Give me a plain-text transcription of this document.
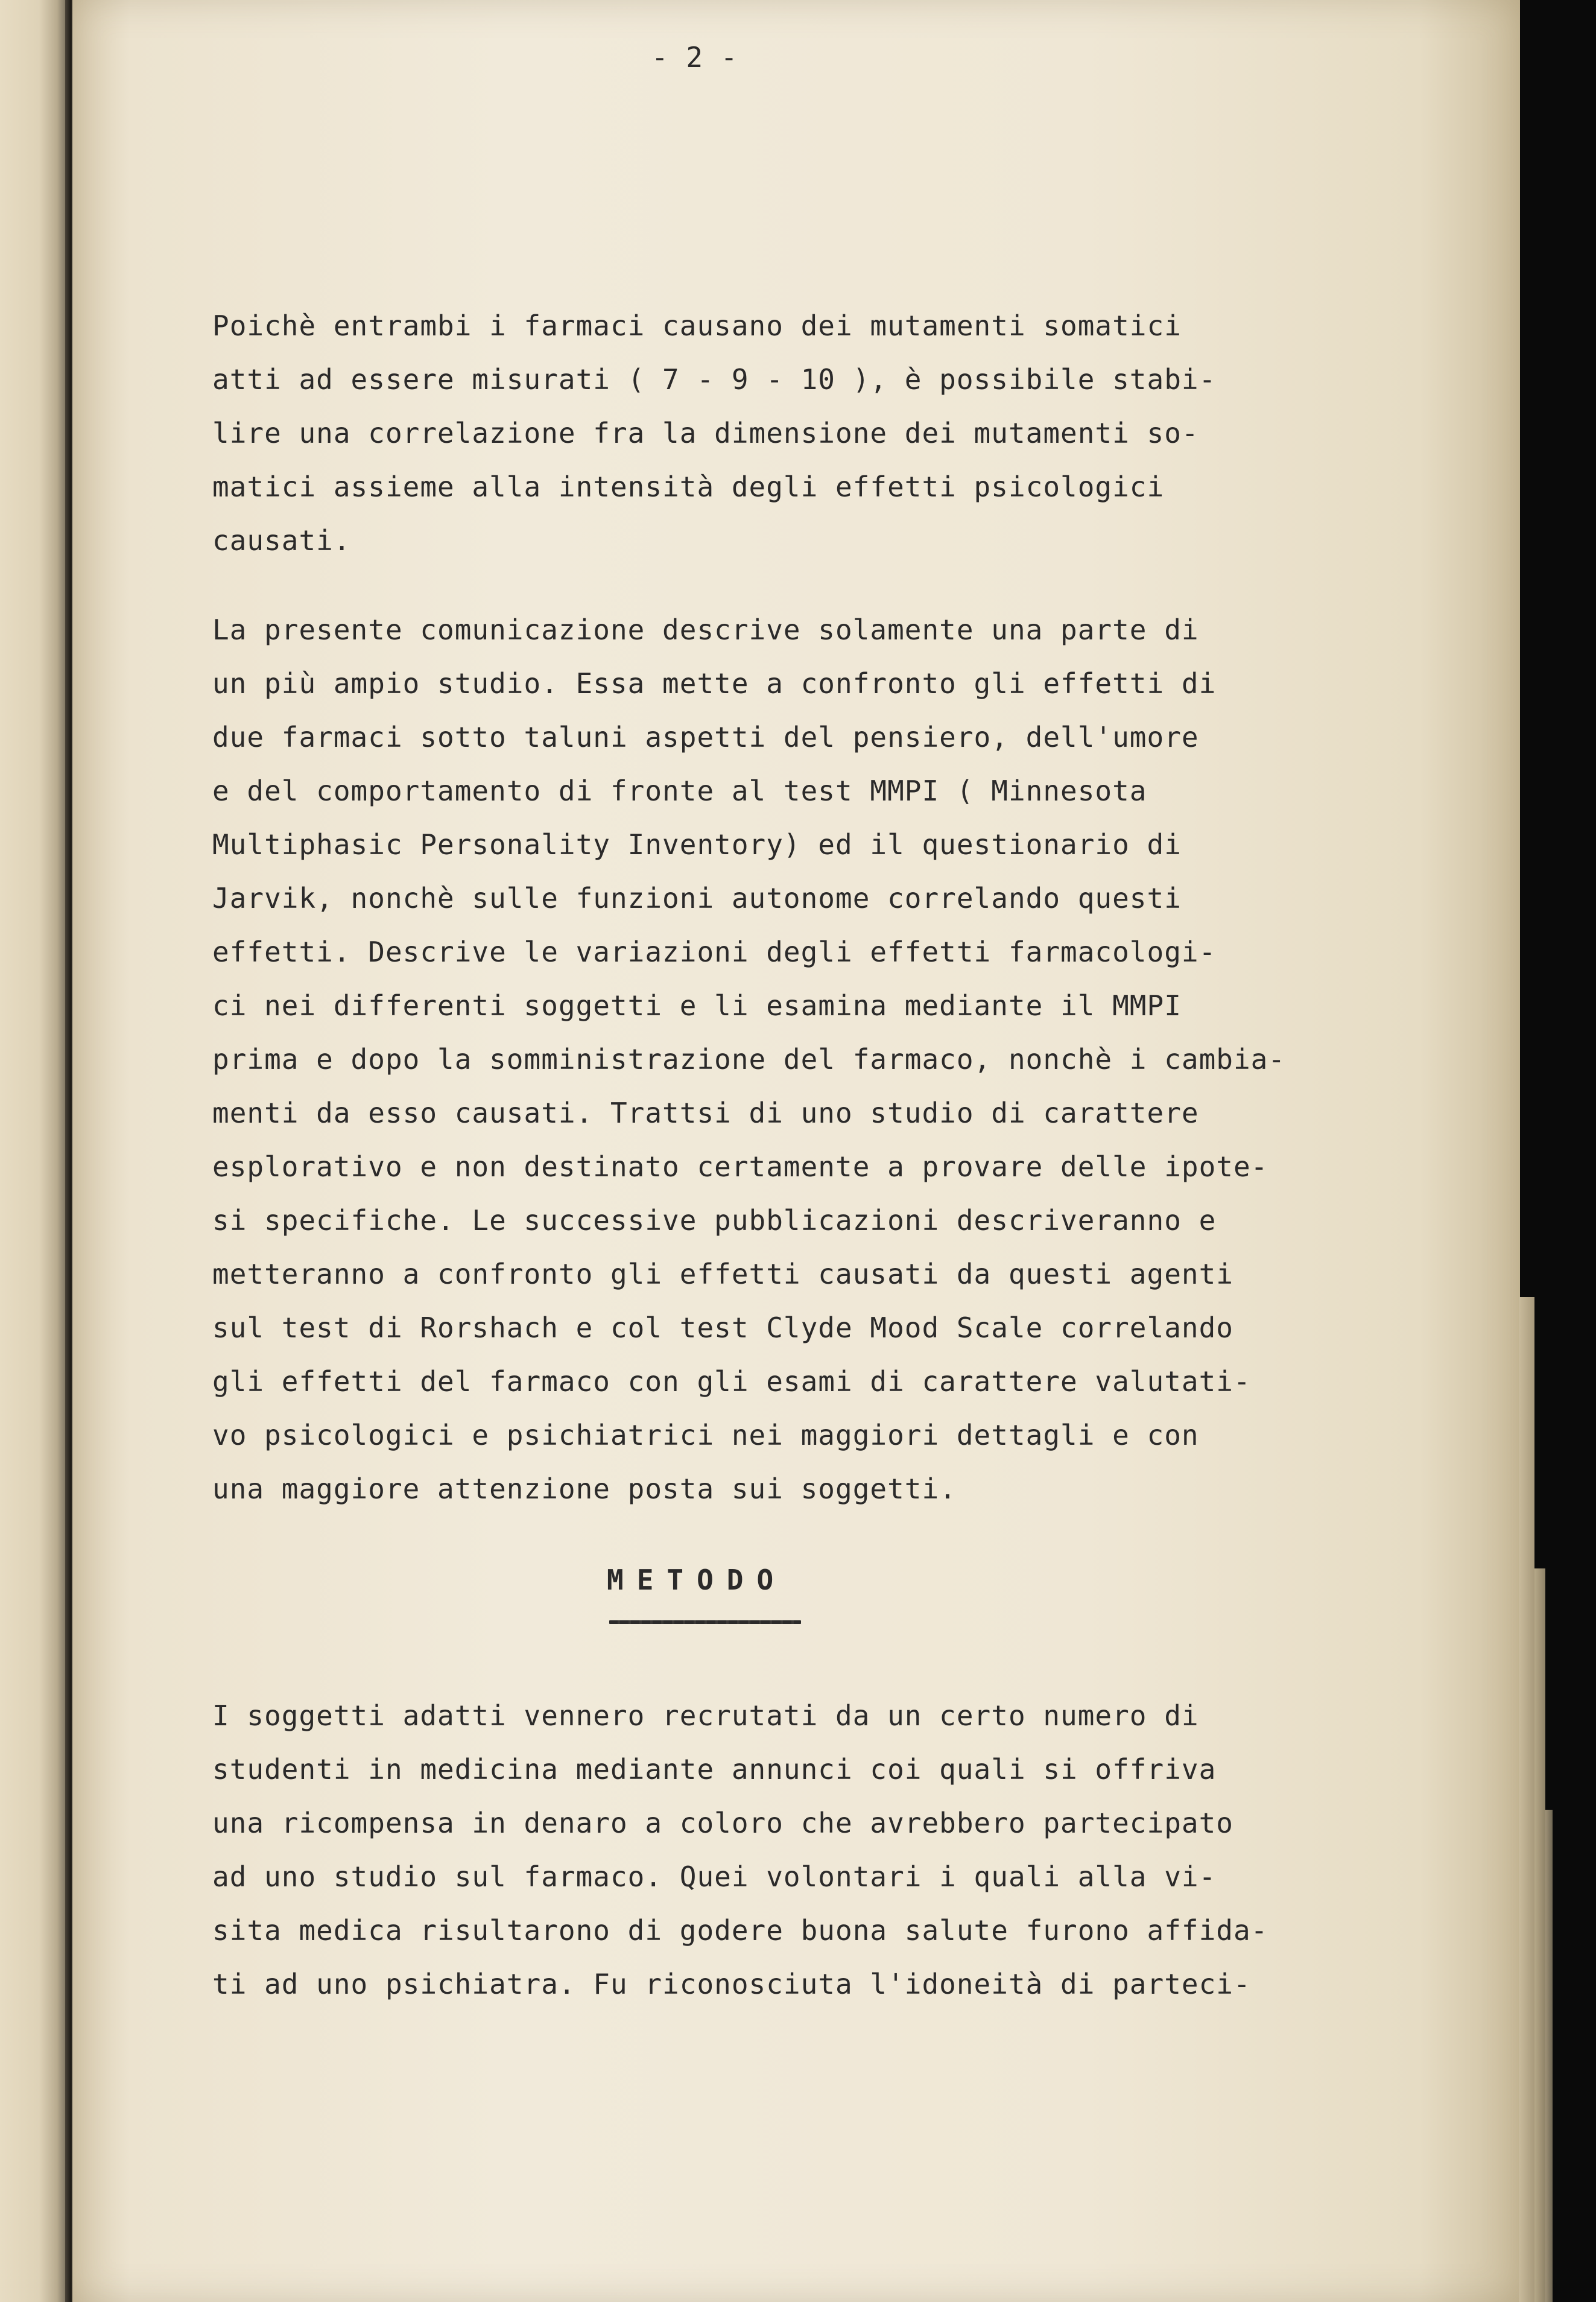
- 2 -

Poichè entrambi i farmaci causano dei mutamenti somatici
atti ad essere misurati ( 7 - 9 - 10 ), è possibile stabi-
lire una correlazione fra la dimensione dei mutamenti so-
matici assieme alla intensità degli effetti psicologici
causati.
La presente comunicazione descrive solamente una parte di
un più ampio studio. Essa mette a confronto gli effetti di
due farmaci sotto taluni aspetti del pensiero, dell'umore
e del comportamento di fronte al test MMPI ( Minnesota
Multiphasic Personality Inventory) ed il questionario di
Jarvik, nonchè sulle funzioni autonome correlando questi
effetti. Descrive le variazioni degli effetti farmacologi-
ci nei differenti soggetti e li esamina mediante il MMPI
prima e dopo la somministrazione del farmaco, nonchè i cambia-
menti da esso causati. Trattsi di uno studio di carattere
esplorativo e non destinato certamente a provare delle ipote-
si specifiche. Le successive pubblicazioni descriveranno e
metteranno a confronto gli effetti causati da questi agenti
sul test di Rorshach e col test Clyde Mood Scale correlando
gli effetti del farmaco con gli esami di carattere valutati-
vo psicologici e psichiatrici nei maggiori dettagli e con
una maggiore attenzione posta sui soggetti.
METODO
I soggetti adatti vennero recrutati da un certo numero di
studenti in medicina mediante annunci coi quali si offriva
una ricompensa in denaro a coloro che avrebbero partecipato
ad uno studio sul farmaco. Quei volontari i quali alla vi-
sita medica risultarono di godere buona salute furono affida-
ti ad uno psichiatra. Fu riconosciuta l'idoneità di parteci-
